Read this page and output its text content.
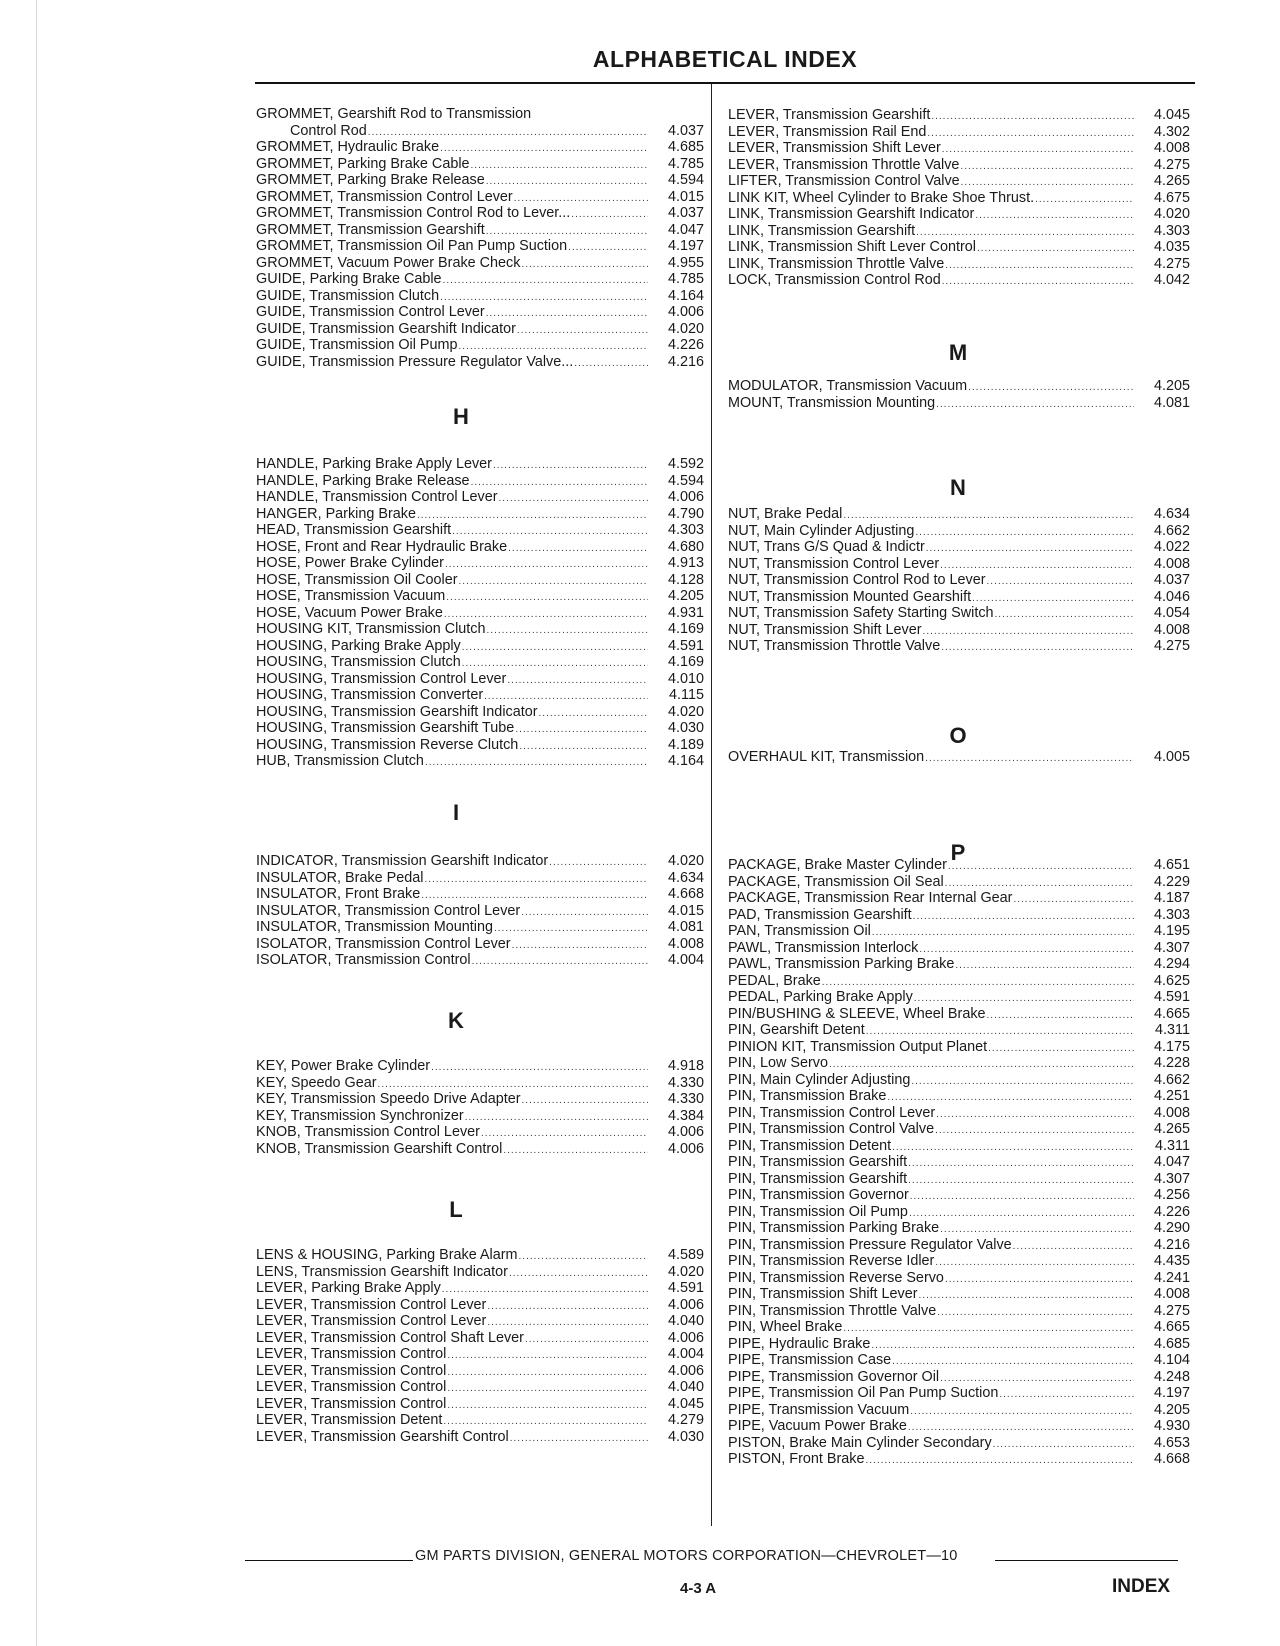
ALPHABETICAL INDEX
GROMMET, Gearshift Rod to Transmission
Control Rod .....	4.037
GROMMET, Hydraulic Brake .....	4.685
GROMMET, Parking Brake Cable .....	4.785
GROMMET, Parking Brake Release .....	4.594
GROMMET, Transmission Control Lever .....	4.015
GROMMET, Transmission Control Rod to Lever... .....	4.037
GROMMET, Transmission Gearshift .....	4.047
GROMMET, Transmission Oil Pan Pump Suction .....	4.197
GROMMET, Vacuum Power Brake Check .....	4.955
GUIDE, Parking Brake Cable .....	4.785
GUIDE, Transmission Clutch .....	4.164
GUIDE, Transmission Control Lever .....	4.006
GUIDE, Transmission Gearshift Indicator .....	4.020
GUIDE, Transmission Oil Pump .....	4.226
GUIDE, Transmission Pressure Regulator Valve... .....	4.216
H
HANDLE, Parking Brake Apply Lever .....	4.592
HANDLE, Parking Brake Release .....	4.594
HANDLE, Transmission Control Lever .....	4.006
HANGER, Parking Brake .....	4.790
HEAD, Transmission Gearshift .....	4.303
HOSE, Front and Rear Hydraulic Brake .....	4.680
HOSE, Power Brake Cylinder .....	4.913
HOSE, Transmission Oil Cooler .....	4.128
HOSE, Transmission Vacuum .....	4.205
HOSE, Vacuum Power Brake .....	4.931
HOUSING KIT, Transmission Clutch .....	4.169
HOUSING, Parking Brake Apply .....	4.591
HOUSING, Transmission Clutch .....	4.169
HOUSING, Transmission Control Lever .....	4.010
HOUSING, Transmission Converter .....	4.115
HOUSING, Transmission Gearshift Indicator .....	4.020
HOUSING, Transmission Gearshift Tube .....	4.030
HOUSING, Transmission Reverse Clutch .....	4.189
HUB, Transmission Clutch .....	4.164
I
INDICATOR, Transmission Gearshift Indicator .....	4.020
INSULATOR, Brake Pedal .....	4.634
INSULATOR, Front Brake .....	4.668
INSULATOR, Transmission Control Lever .....	4.015
INSULATOR, Transmission Mounting .....	4.081
ISOLATOR, Transmission Control Lever .....	4.008
ISOLATOR, Transmission Control .....	4.004
K
KEY, Power Brake Cylinder .....	4.918
KEY, Speedo Gear .....	4.330
KEY, Transmission Speedo Drive Adapter .....	4.330
KEY, Transmission Synchronizer .....	4.384
KNOB, Transmission Control Lever .....	4.006
KNOB, Transmission Gearshift Control .....	4.006
L
LENS & HOUSING, Parking Brake Alarm .....	4.589
LENS, Transmission Gearshift Indicator .....	4.020
LEVER, Parking Brake Apply .....	4.591
LEVER, Transmission Control Lever .....	4.006
LEVER, Transmission Control Lever .....	4.040
LEVER, Transmission Control Shaft Lever .....	4.006
LEVER, Transmission Control .....	4.004
LEVER, Transmission Control .....	4.006
LEVER, Transmission Control .....	4.040
LEVER, Transmission Control .....	4.045
LEVER, Transmission Detent .....	4.279
LEVER, Transmission Gearshift Control .....	4.030
LEVER, Transmission Gearshift .....	4.045
LEVER, Transmission Rail End .....	4.302
LEVER, Transmission Shift Lever .....	4.008
LEVER, Transmission Throttle Valve .....	4.275
LIFTER, Transmission Control Valve .....	4.265
LINK KIT, Wheel Cylinder to Brake Shoe Thrust. .....	4.675
LINK, Transmission Gearshift Indicator .....	4.020
LINK, Transmission Gearshift .....	4.303
LINK, Transmission Shift Lever Control .....	4.035
LINK, Transmission Throttle Valve .....	4.275
LOCK, Transmission Control Rod .....	4.042
M
MODULATOR, Transmission Vacuum .....	4.205
MOUNT, Transmission Mounting .....	4.081
N
NUT, Brake Pedal .....	4.634
NUT, Main Cylinder Adjusting .....	4.662
NUT, Trans G/S Quad & Indictr .....	4.022
NUT, Transmission Control Lever .....	4.008
NUT, Transmission Control Rod to Lever .....	4.037
NUT, Transmission Mounted Gearshift .....	4.046
NUT, Transmission Safety Starting Switch .....	4.054
NUT, Transmission Shift Lever .....	4.008
NUT, Transmission Throttle Valve .....	4.275
O
OVERHAUL KIT, Transmission .....	4.005
P
PACKAGE, Brake Master Cylinder .....	4.651
PACKAGE, Transmission Oil Seal .....	4.229
PACKAGE, Transmission Rear Internal Gear .....	4.187
PAD, Transmission Gearshift .....	4.303
PAN, Transmission Oil .....	4.195
PAWL, Transmission Interlock .....	4.307
PAWL, Transmission Parking Brake .....	4.294
PEDAL, Brake .....	4.625
PEDAL, Parking Brake Apply .....	4.591
PIN/BUSHING & SLEEVE, Wheel Brake .....	4.665
PIN, Gearshift Detent .....	4.311
PINION KIT, Transmission Output Planet .....	4.175
PIN, Low Servo .....	4.228
PIN, Main Cylinder Adjusting .....	4.662
PIN, Transmission Brake .....	4.251
PIN, Transmission Control Lever .....	4.008
PIN, Transmission Control Valve .....	4.265
PIN, Transmission Detent .....	4.311
PIN, Transmission Gearshift .....	4.047
PIN, Transmission Gearshift .....	4.307
PIN, Transmission Governor .....	4.256
PIN, Transmission Oil Pump .....	4.226
PIN, Transmission Parking Brake .....	4.290
PIN, Transmission Pressure Regulator Valve .....	4.216
PIN, Transmission Reverse Idler .....	4.435
PIN, Transmission Reverse Servo .....	4.241
PIN, Transmission Shift Lever .....	4.008
PIN, Transmission Throttle Valve .....	4.275
PIN, Wheel Brake .....	4.665
PIPE, Hydraulic Brake .....	4.685
PIPE, Transmission Case .....	4.104
PIPE, Transmission Governor Oil .....	4.248
PIPE, Transmission Oil Pan Pump Suction .....	4.197
PIPE, Transmission Vacuum .....	4.205
PIPE, Vacuum Power Brake .....	4.930
PISTON, Brake Main Cylinder Secondary .....	4.653
PISTON, Front Brake .....	4.668
GM PARTS DIVISION, GENERAL MOTORS CORPORATION—CHEVROLET—10
4-3 A	INDEX
